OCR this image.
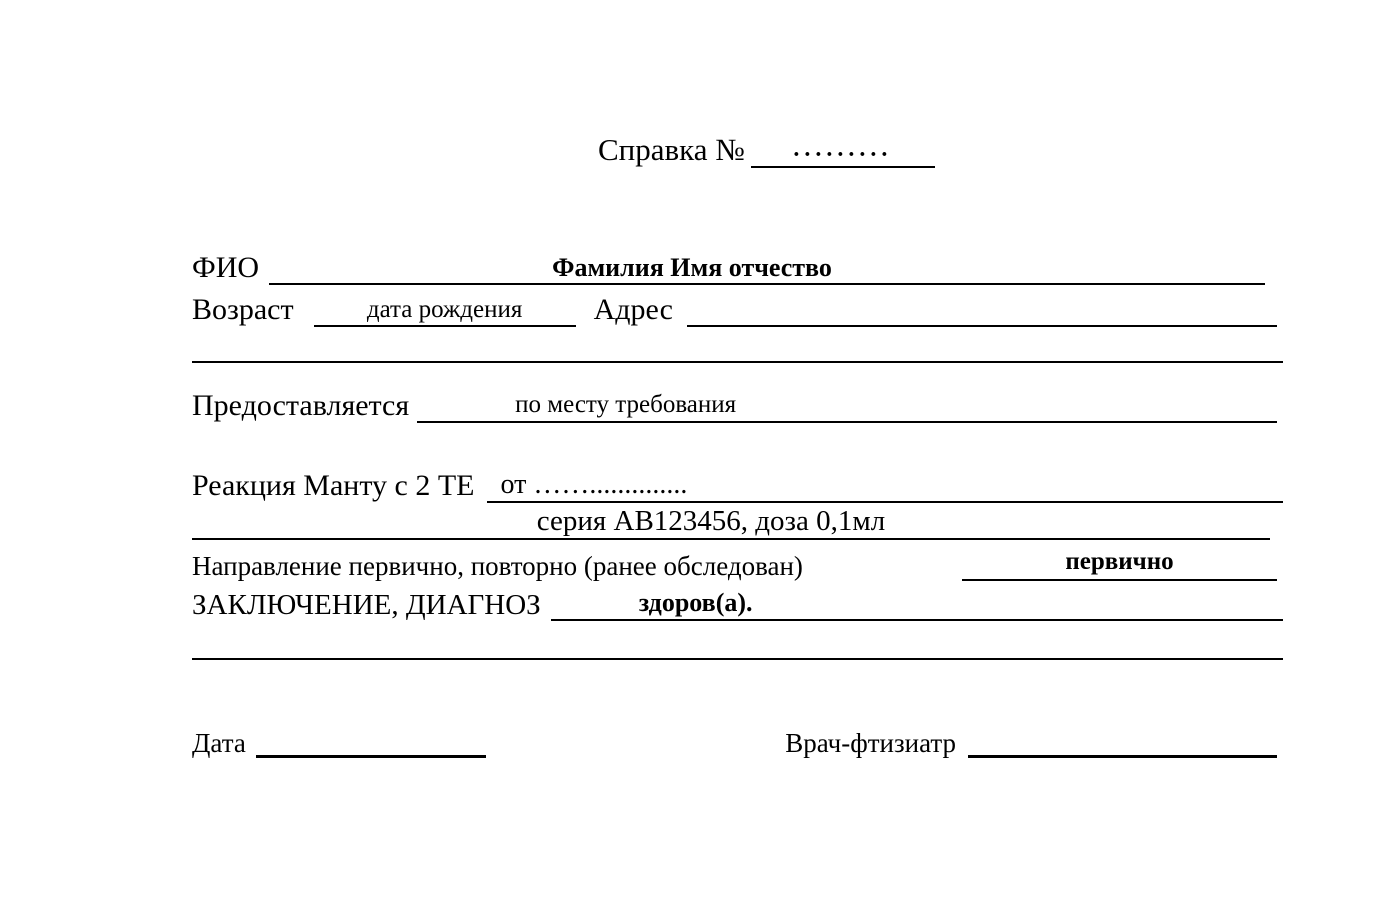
Справка №	.........
ФИО	Фамилия Имя отчество
Возраст	дата рождения	Адрес
Предоставляется	по месту требования
Реакция Манту с 2 ТЕ от ……..............
серия АВ123456, доза 0,1мл
Направление первично, повторно (ранее обследован)	первично
ЗАКЛЮЧЕНИЕ, ДИАГНОЗ	здоров(а).
Дата	Врач-фтизиатр
